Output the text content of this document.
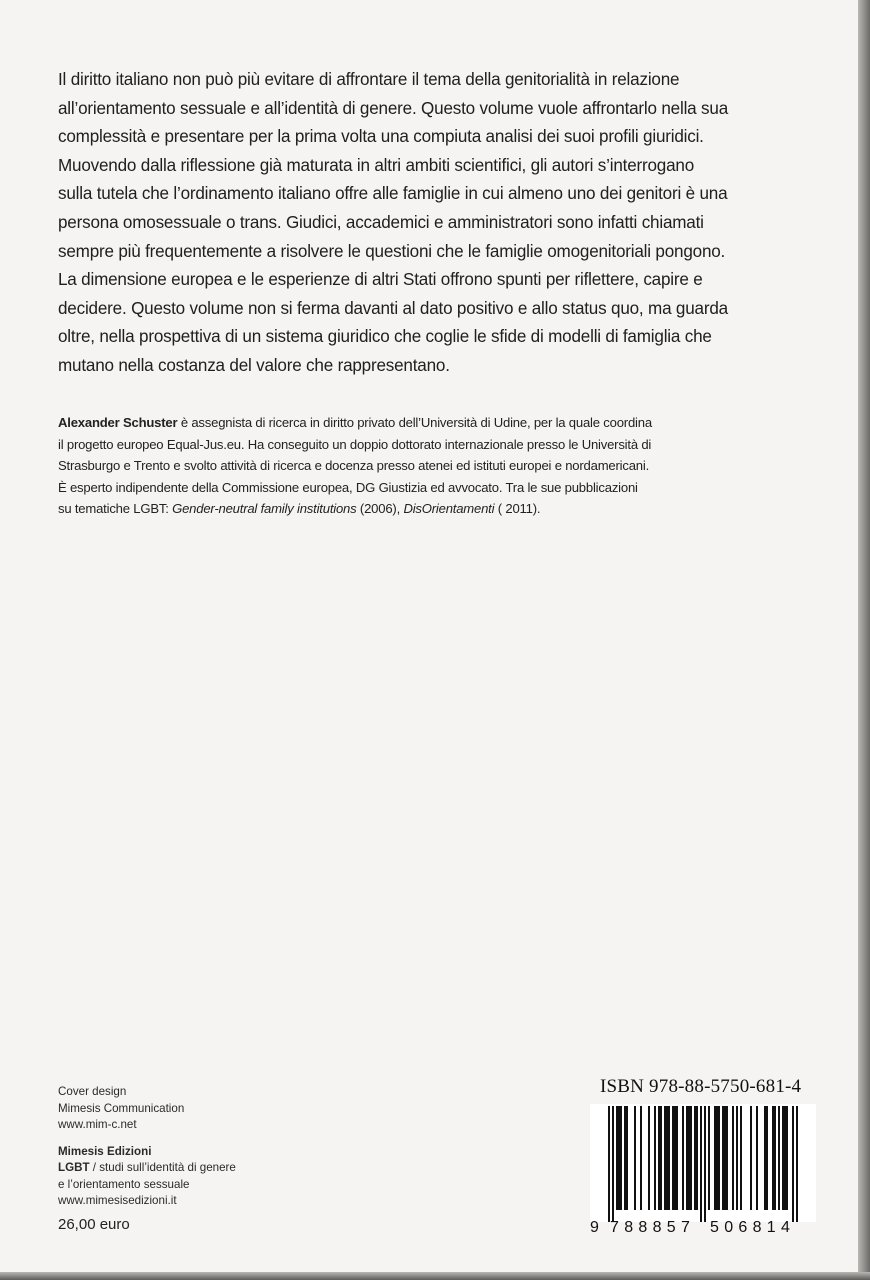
Il diritto italiano non può più evitare di affrontare il tema della genitorialità in relazione
all’orientamento sessuale e all’identità di genere. Questo volume vuole affrontarlo nella sua
complessità e presentare per la prima volta una compiuta analisi dei suoi profili giuridici.
Muovendo dalla riflessione già maturata in altri ambiti scientifici, gli autori s’interrogano
sulla tutela che l’ordinamento italiano offre alle famiglie in cui almeno uno dei genitori è una
persona omosessuale o trans. Giudici, accademici e amministratori sono infatti chiamati
sempre più frequentemente a risolvere le questioni che le famiglie omogenitoriali pongono.
La dimensione europea e le esperienze di altri Stati offrono spunti per riflettere, capire e
decidere. Questo volume non si ferma davanti al dato positivo e allo status quo, ma guarda
oltre, nella prospettiva di un sistema giuridico che coglie le sfide di modelli di famiglia che
mutano nella costanza del valore che rappresentano.
Alexander Schuster è assegnista di ricerca in diritto privato dell’Università di Udine, per la quale coordina
il progetto europeo Equal-Jus.eu. Ha conseguito un doppio dottorato internazionale presso le Università di
Strasburgo e Trento e svolto attività di ricerca e docenza presso atenei ed istituti europei e nordamericani.
È esperto indipendente della Commissione europea, DG Giustizia ed avvocato. Tra le sue pubblicazioni
su tematiche LGBT: Gender-neutral family institutions (2006), DisOrientamenti ( 2011).
Cover design
Mimesis Communication
www.mim-c.net
Mimesis Edizioni
LGBT / studi sull’identità di genere
e l’orientamento sessuale
www.mimesisedizioni.it
26,00 euro
ISBN 978-88-5750-681-4
9 788857 506814
